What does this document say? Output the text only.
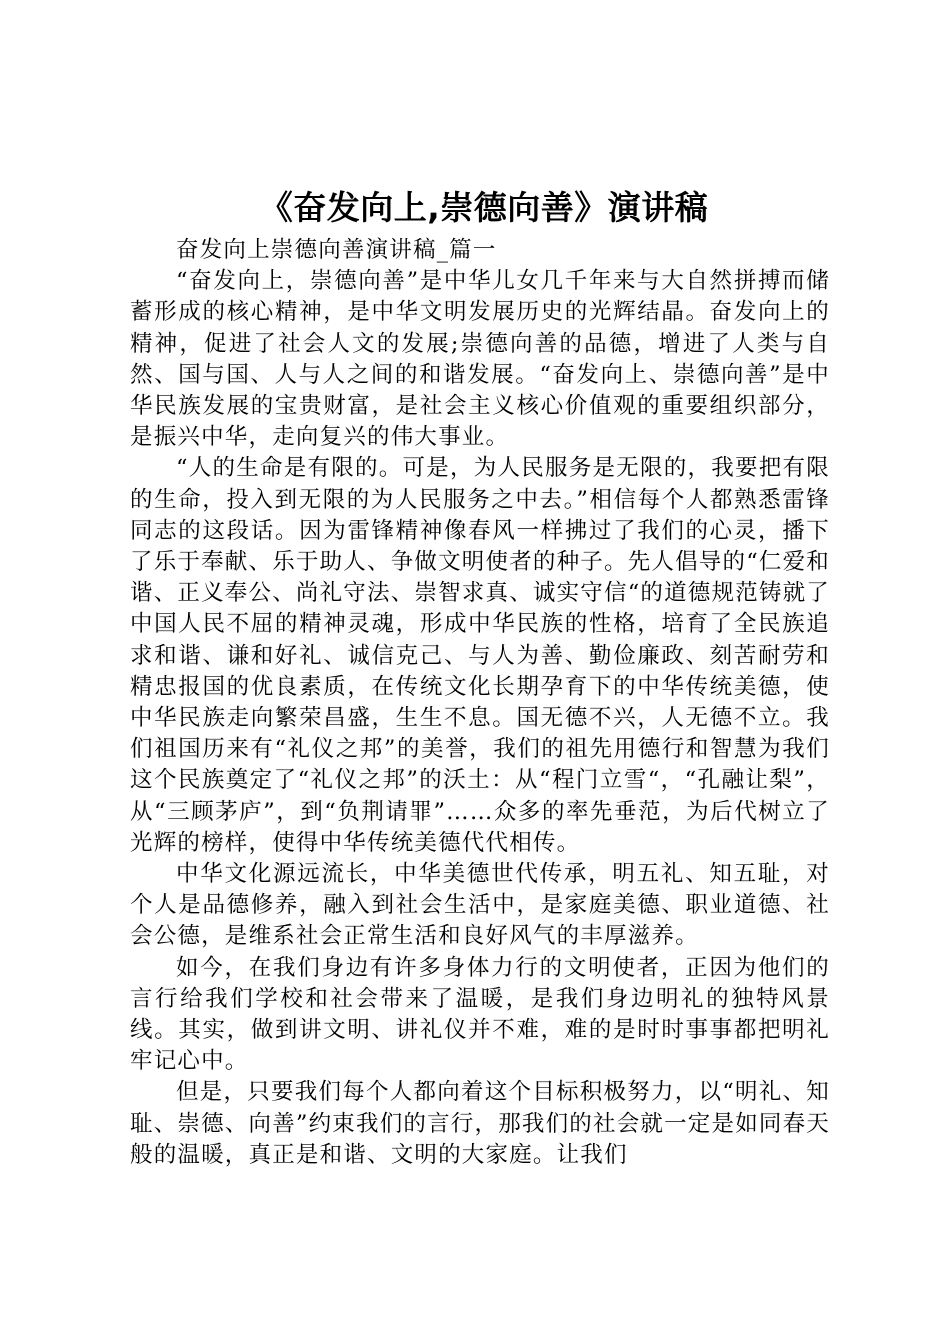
《奋发向上,崇德向善》演讲稿

奋发向上崇德向善演讲稿_篇一

“奋发向上，崇德向善”是中华儿女几千年来与大自然拼搏而储蓄形成的核心精神，是中华文明发展历史的光辉结晶。奋发向上的精神，促进了社会人文的发展;崇德向善的品德，增进了人类与自然、国与国、人与人之间的和谐发展。“奋发向上、崇德向善”是中华民族发展的宝贵财富，是社会主义核心价值观的重要组织部分，是振兴中华，走向复兴的伟大事业。

“人的生命是有限的。可是，为人民服务是无限的，我要把有限的生命，投入到无限的为人民服务之中去。”相信每个人都熟悉雷锋同志的这段话。因为雷锋精神像春风一样拂过了我们的心灵，播下了乐于奉献、乐于助人、争做文明使者的种子。先人倡导的“仁爱和谐、正义奉公、尚礼守法、崇智求真、诚实守信“的道德规范铸就了中国人民不屈的精神灵魂，形成中华民族的性格，培育了全民族追求和谐、谦和好礼、诚信克己、与人为善、勤俭廉政、刻苦耐劳和精忠报国的优良素质，在传统文化长期孕育下的中华传统美德，使中华民族走向繁荣昌盛，生生不息。国无德不兴，人无德不立。我们祖国历来有“礼仪之邦”的美誉，我们的祖先用德行和智慧为我们这个民族奠定了“礼仪之邦”的沃土：从“程门立雪“，“孔融让梨”，从“三顾茅庐”，到“负荆请罪”……众多的率先垂范，为后代树立了光辉的榜样，使得中华传统美德代代相传。

中华文化源远流长，中华美德世代传承，明五礼、知五耻，对个人是品德修养，融入到社会生活中，是家庭美德、职业道德、社会公德，是维系社会正常生活和良好风气的丰厚滋养。

如今，在我们身边有许多身体力行的文明使者，正因为他们的言行给我们学校和社会带来了温暖，是我们身边明礼的独特风景线。其实，做到讲文明、讲礼仪并不难，难的是时时事事都把明礼牢记心中。

但是，只要我们每个人都向着这个目标积极努力，以“明礼、知耻、崇德、向善”约束我们的言行，那我们的社会就一定是如同春天般的温暖，真正是和谐、文明的大家庭。让我们
